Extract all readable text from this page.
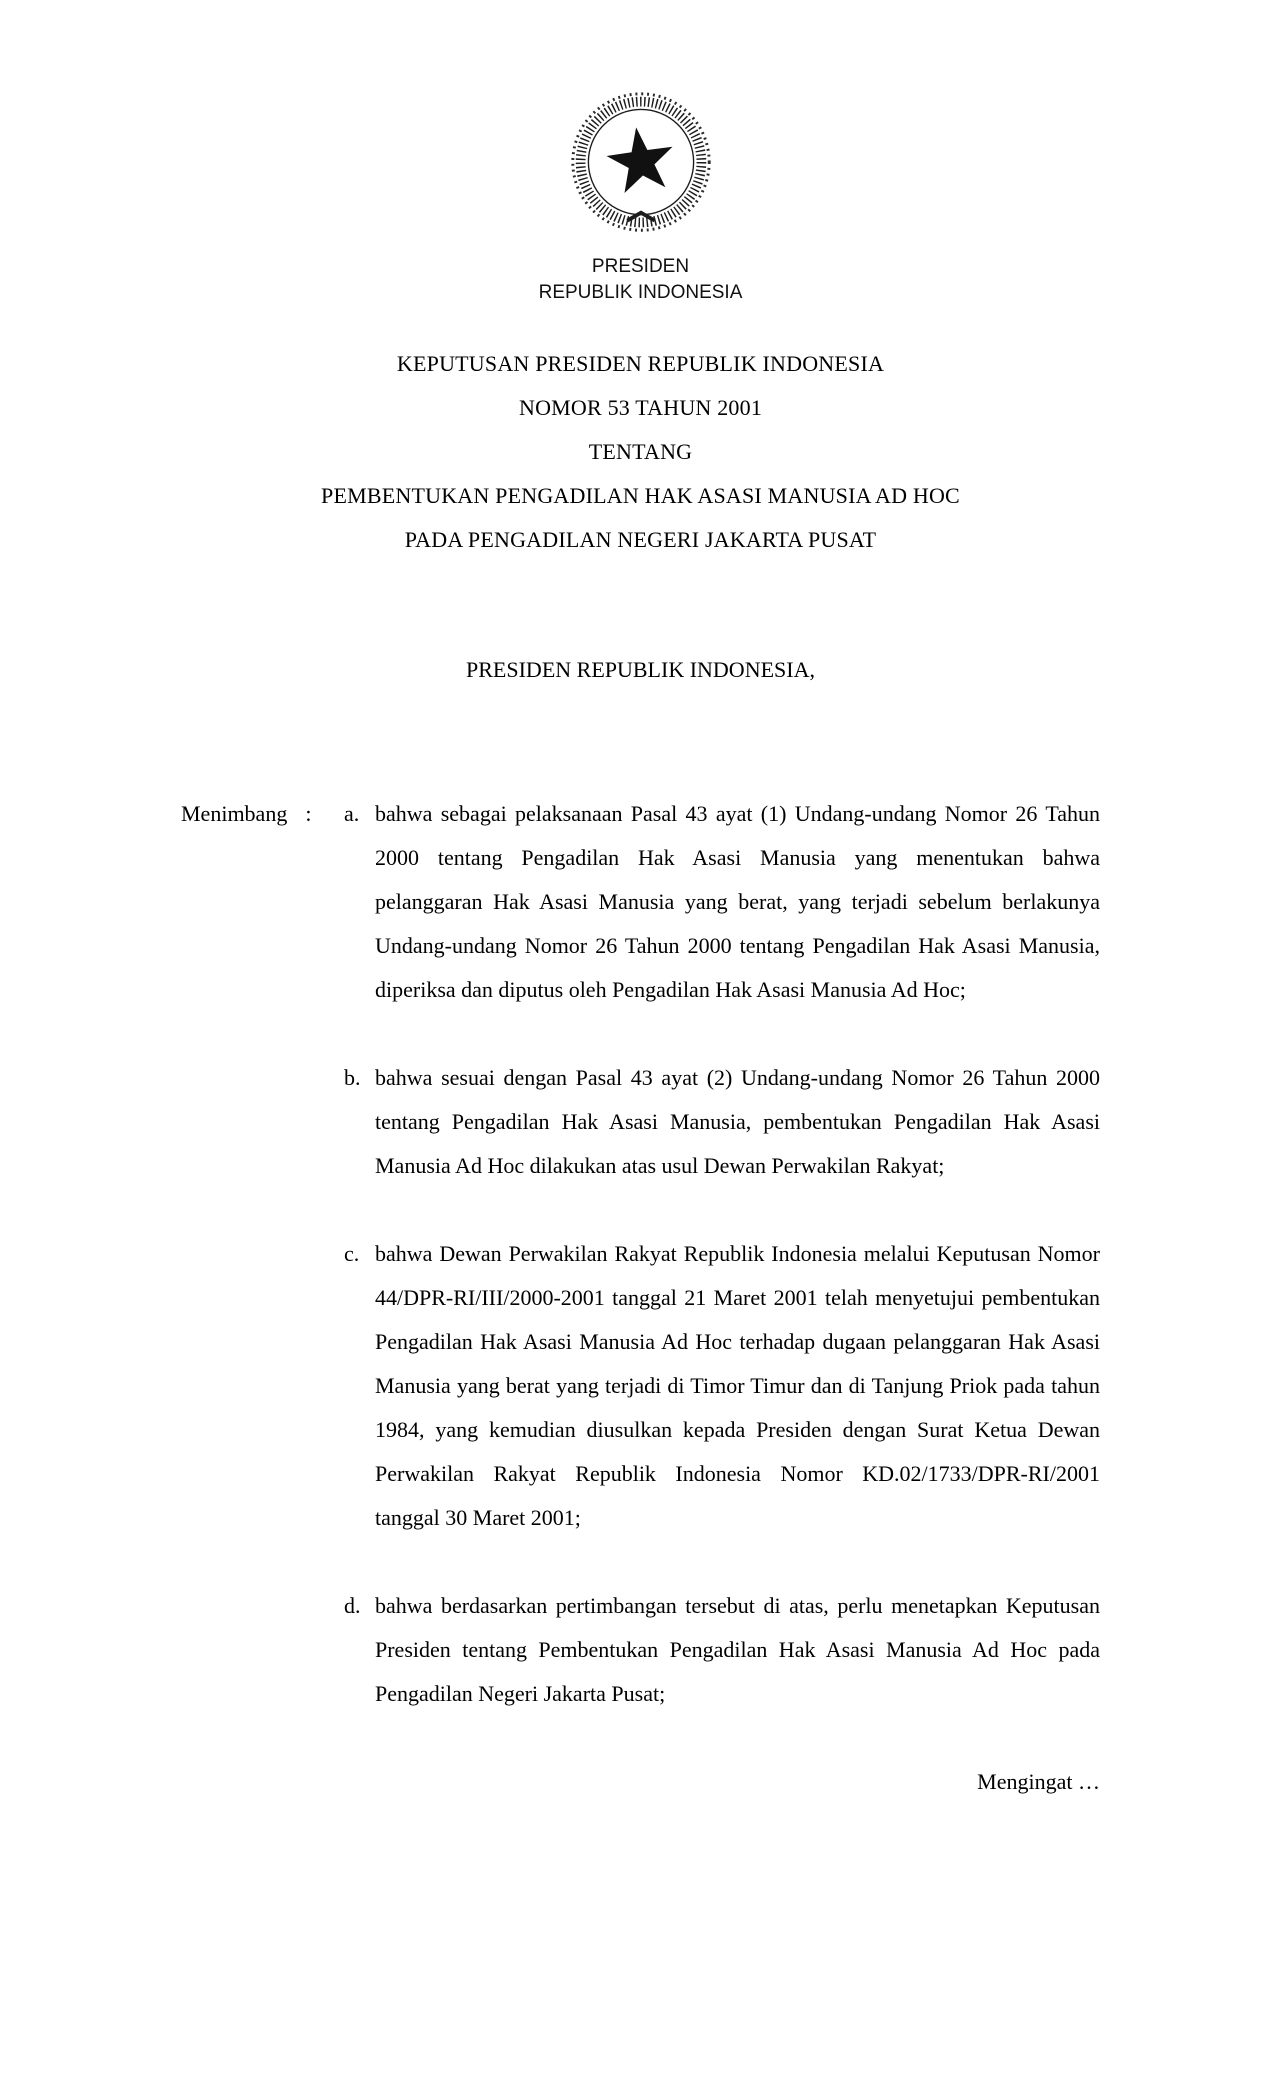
PRESIDEN
REPUBLIK INDONESIA
KEPUTUSAN PRESIDEN REPUBLIK INDONESIA
NOMOR 53 TAHUN 2001
TENTANG
PEMBENTUKAN PENGADILAN HAK ASASI MANUSIA AD HOC
PADA PENGADILAN NEGERI JAKARTA PUSAT
PRESIDEN REPUBLIK INDONESIA,
Menimbang : a. bahwa sebagai pelaksanaan Pasal 43 ayat (1) Undang-undang Nomor 26 Tahun 2000 tentang Pengadilan Hak Asasi Manusia yang menentukan bahwa pelanggaran Hak Asasi Manusia yang berat, yang terjadi sebelum berlakunya Undang-undang Nomor 26 Tahun 2000 tentang Pengadilan Hak Asasi Manusia, diperiksa dan diputus oleh Pengadilan Hak Asasi Manusia Ad Hoc;
b. bahwa sesuai dengan Pasal 43 ayat (2) Undang-undang Nomor 26 Tahun 2000 tentang Pengadilan Hak Asasi Manusia, pembentukan Pengadilan Hak Asasi Manusia Ad Hoc dilakukan atas usul Dewan Perwakilan Rakyat;
c. bahwa Dewan Perwakilan Rakyat Republik Indonesia melalui Keputusan Nomor 44/DPR-RI/III/2000-2001 tanggal 21 Maret 2001 telah menyetujui pembentukan Pengadilan Hak Asasi Manusia Ad Hoc terhadap dugaan pelanggaran Hak Asasi Manusia yang berat yang terjadi di Timor Timur dan di Tanjung Priok pada tahun 1984, yang kemudian diusulkan kepada Presiden dengan Surat Ketua Dewan Perwakilan Rakyat Republik Indonesia Nomor KD.02/1733/DPR-RI/2001 tanggal 30 Maret 2001;
d. bahwa berdasarkan pertimbangan tersebut di atas, perlu menetapkan Keputusan Presiden tentang Pembentukan Pengadilan Hak Asasi Manusia Ad Hoc pada Pengadilan Negeri Jakarta Pusat;
Mengingat …
